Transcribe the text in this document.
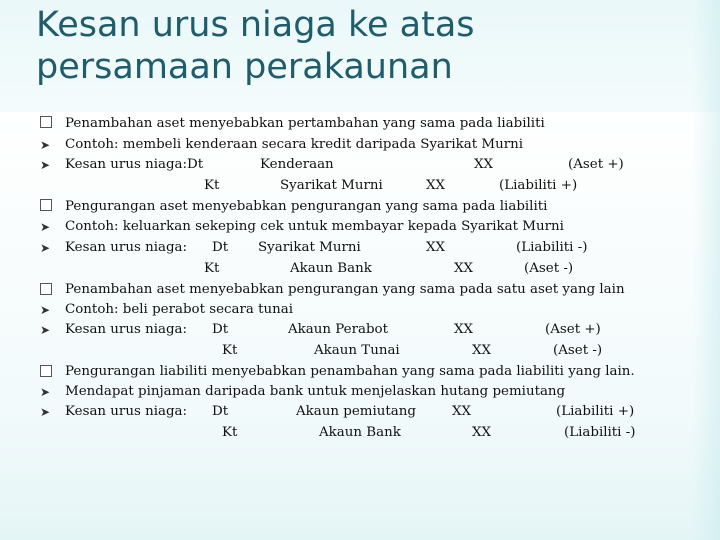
Kesan urus niaga ke atas
persamaan perakaunan
Penambahan aset menyebabkan pertambahan yang sama pada liabiliti
➤	Contoh: membeli kenderaan secara kredit daripada Syarikat Murni
➤	Kesan urus niaga:Dt	Kenderaan	XX	(Aset +)
Kt	Syarikat Murni	XX	(Liabiliti +)
Pengurangan aset menyebabkan pengurangan yang sama pada liabiliti
➤	Contoh: keluarkan sekeping cek untuk membayar kepada Syarikat Murni
➤	Kesan urus niaga: Dt Syarikat Murni	XX	(Liabiliti -)
Kt	Akaun Bank	XX	(Aset -)
Penambahan aset menyebabkan pengurangan yang sama pada satu aset yang lain
➤	Contoh: beli perabot secara tunai
➤	Kesan urus niaga: Dt	Akaun Perabot	XX	(Aset +)
Kt	Akaun Tunai	XX	(Aset -)
Pengurangan liabiliti menyebabkan penambahan yang sama pada liabiliti yang lain.
➤	Mendapat pinjaman daripada bank untuk menjelaskan hutang pemiutang
➤	Kesan urus niaga: Dt	Akaun pemiutang	XX	(Liabiliti +)
Kt	Akaun Bank	XX	(Liabiliti -)
